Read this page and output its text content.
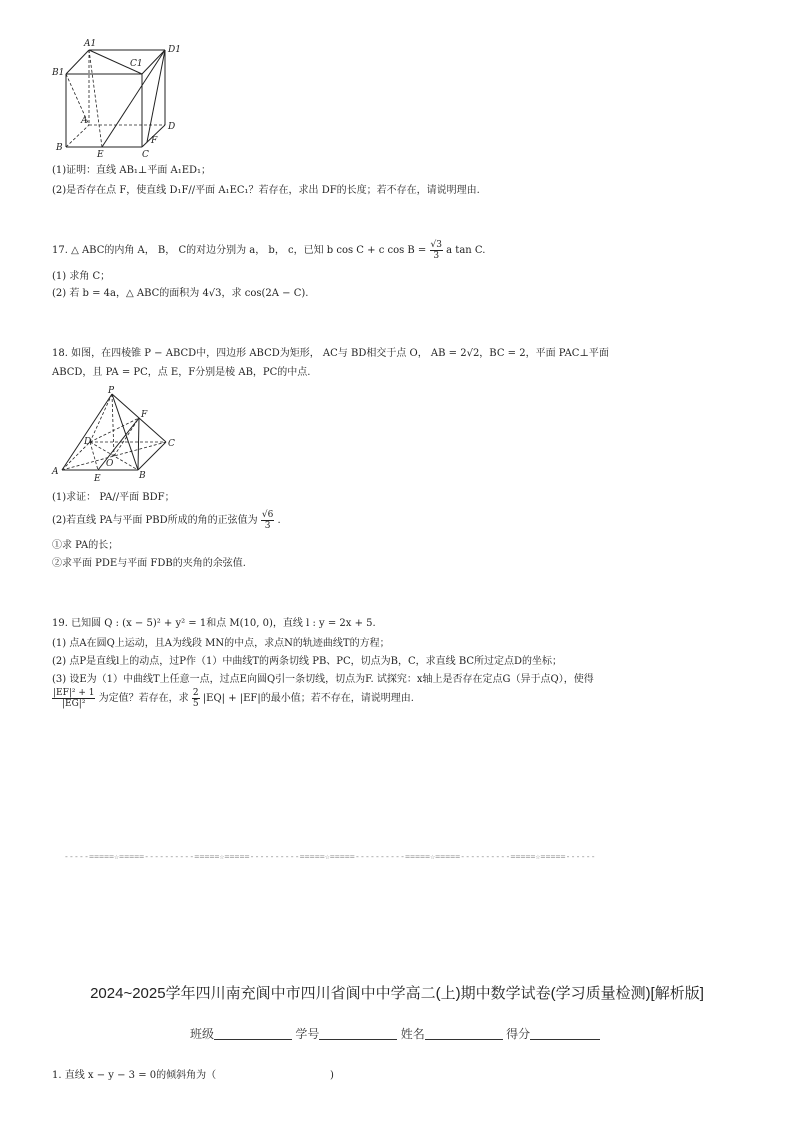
A1
D1
B1
C1
A
D
B
E	C
F
(1)证明：直线 AB₁⊥平面 A₁ED₁；
(2)是否存在点 F，使直线 D₁F//平面 A₁EC₁？若存在，求出 DF的长度；若不存在，请说明理由.
17. △ ABC的内角 A， B， C的对边分别为 a， b， c，已知 b cos C + c $\cos B = \frac{√3}{3}$ a tan C.
(1) 求角 C；
(2) 若 b = 4a，△ ABC的面积为 4√3，求 cos(2A − C).
18. 如图，在四棱锥 P − ABCD中，四边形 ABCD为矩形， AC与 BD相交于点 O， AB = 2√2，BC = 2，平面 PAC⊥平面
ABCD，且 PA = PC，点 E，F分别是棱 AB，PC的中点.
P
F
D	C
O
A
E	B
(1)求证： PA//平面 BDF；
(2)若直线 PA与平面 PBD所成的角的正弦值为 $\frac{√6}{3}$ .
①求 PA的长；
②求平面 PDE与平面 FDB的夹角的余弦值.
19. 已知圆 Q : (x − 5)² + y² = 1和点 M(10, 0)，直线 l : y = 2x + 5.
(1) 点A在圆Q上运动，且A为线段 MN的中点，求点N的轨迹曲线T的方程；
(2) 点P是直线l上的动点，过P作（1）中曲线T的两条切线 PB、PC，切点为B，C，求直线 BC所过定点D的坐标；
(3) 设E为（1）中曲线T上任意一点，过点E向圆Q引一条切线，切点为F. 试探究：x轴上是否存在定点G（异于点Q），使得
$\frac{\text{|EF|² + 1}}{\text{|EG|²}}$ 为定值？若存在，求 $\frac{2}{5} |EQ| + |EF|$的最小值；若不存在，请说明理由.
-----=====☆=====----------=====☆=====----------=====☆=====----------=====☆=====----------=====☆=====------
2024~2025学年四川南充阆中市四川省阆中中学高二(上)期中数学试卷(学习质量检测)[解析版]
班级	学号	姓名	得分
1. 直线 x − y − 3 = 0的倾斜角为（	)
